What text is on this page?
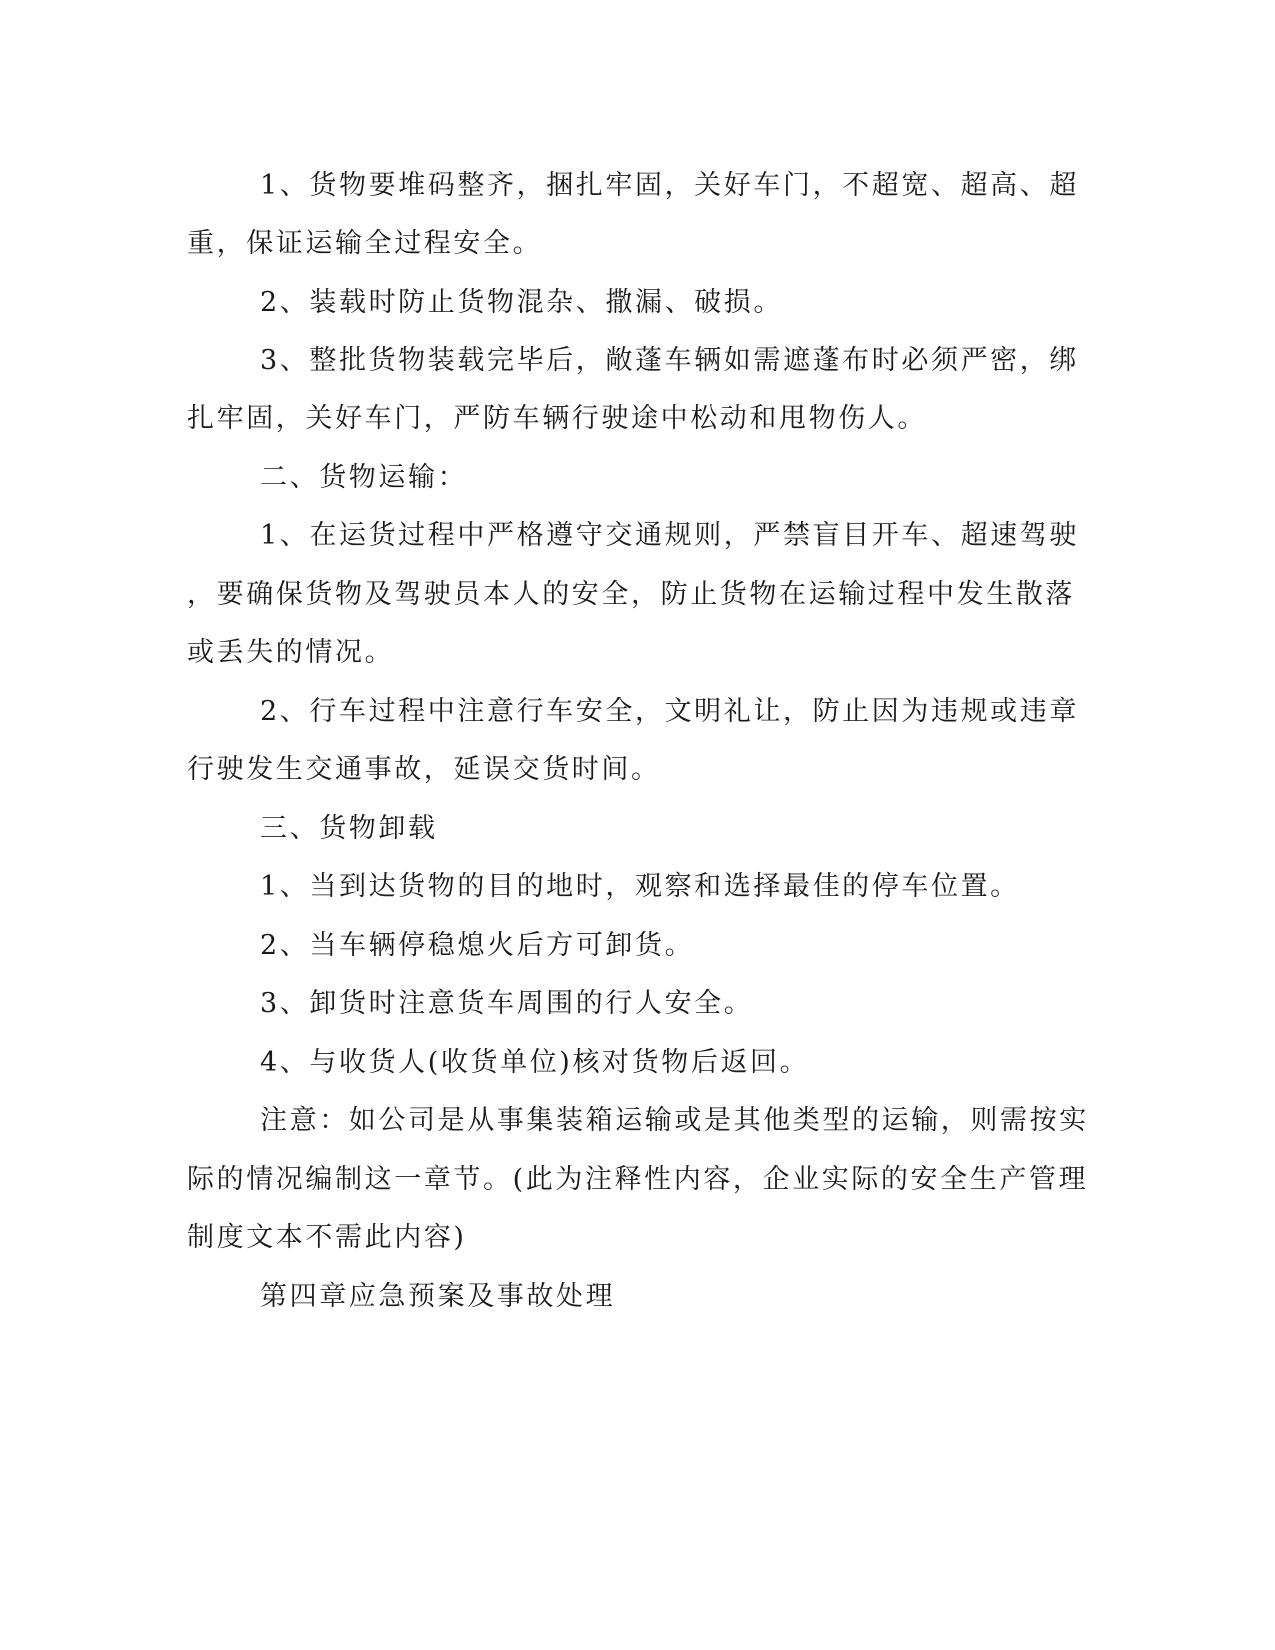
1、货物要堆码整齐，捆扎牢固，关好车门，不超宽、超高、超
重，保证运输全过程安全。
2、装载时防止货物混杂、撒漏、破损。
3、整批货物装载完毕后，敞蓬车辆如需遮蓬布时必须严密，绑
扎牢固，关好车门，严防车辆行驶途中松动和甩物伤人。
二、货物运输：
1、在运货过程中严格遵守交通规则，严禁盲目开车、超速驾驶
，要确保货物及驾驶员本人的安全，防止货物在运输过程中发生散落
或丢失的情况。
2、行车过程中注意行车安全，文明礼让，防止因为违规或违章
行驶发生交通事故，延误交货时间。
三、货物卸载
1、当到达货物的目的地时，观察和选择最佳的停车位置。
2、当车辆停稳熄火后方可卸货。
3、卸货时注意货车周围的行人安全。
4、与收货人(收货单位)核对货物后返回。
注意：如公司是从事集装箱运输或是其他类型的运输，则需按实
际的情况编制这一章节。(此为注释性内容，企业实际的安全生产管理
制度文本不需此内容)
第四章应急预案及事故处理
